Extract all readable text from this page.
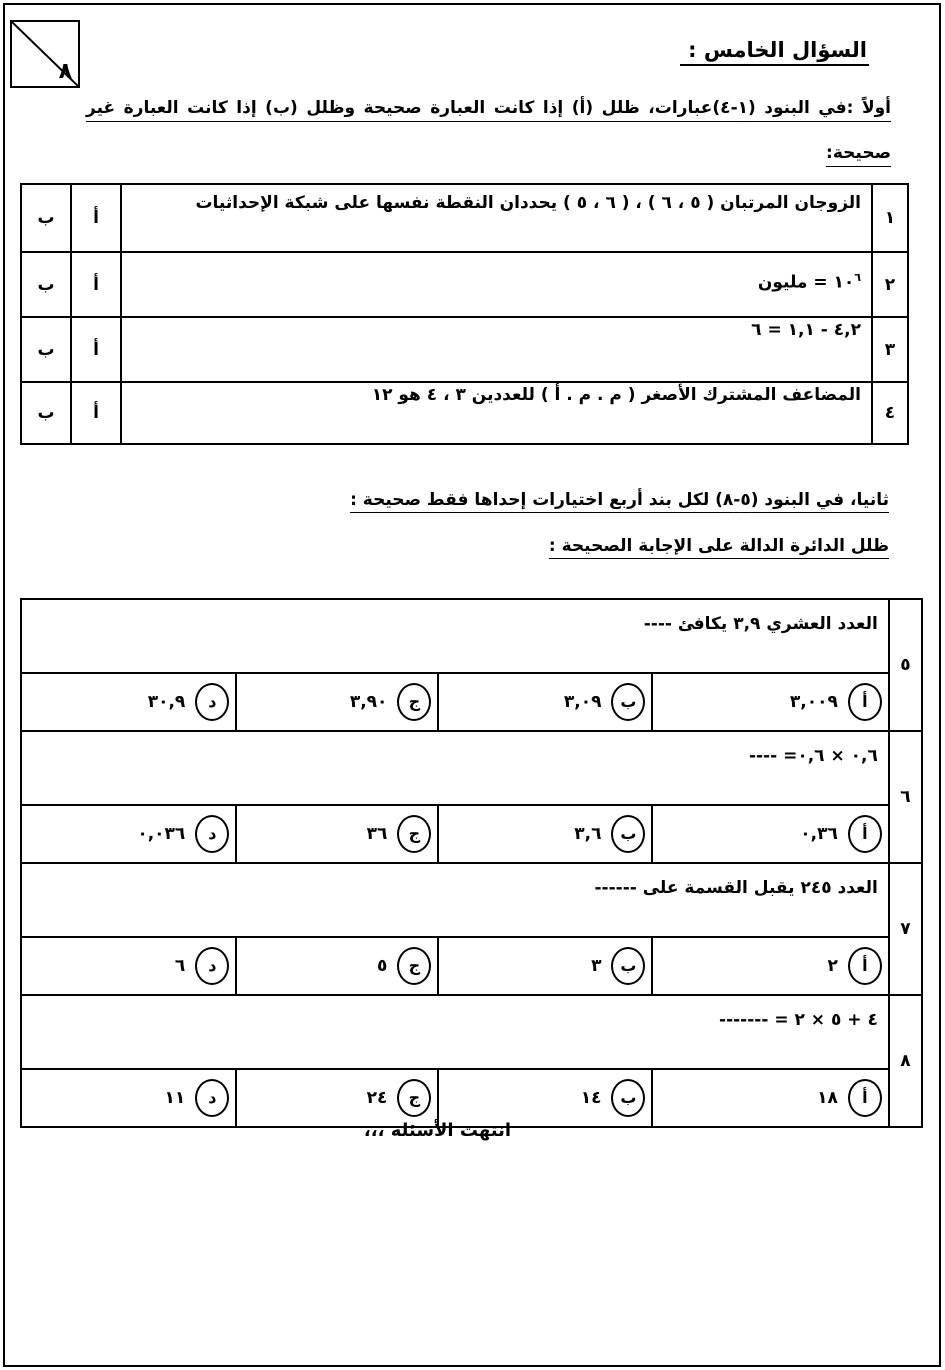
٨
السؤال الخامس :
أولاً :في البنود (١-٤)عبارات، ظلل (أ) إذا كانت العبارة صحيحة وظلل (ب) إذا كانت العبارة غير صحيحة:
١	الزوجان المرتبان ( ٥ ، ٦ ) ، ( ٦ ، ٥ ) يحددان النقطة نفسها على شبكة الإحداثيات	أ	ب
٢	$١٠^٦$ = مليون	أ	ب
٣	٤,٢ - ١,١ = ٦	أ	ب
٤	المضاعف المشترك الأصغر ( م . م . أ ) للعددين ٣ ، ٤ هو ١٢	أ	ب
ثانيا، في البنود (٥-٨) لكل بند أربع اختيارات إحداها فقط صحيحة :
ظلل الدائرة الدالة على الإجابة الصحيحة :
٥	العدد العشري ٣,٩ يكافئ ----			
	أ٣,٠٠٩	ب٣,٠٩	ج٣,٩٠	د٣٠,٩
٦	٠,٦ × ٠,٦= ----			
	أ٠,٣٦	ب٣,٦	ج٣٦	د٠,٠٣٦
٧	العدد ٢٤٥ يقبل القسمة على ------			
	أ٢	ب٣	ج٥	د٦
٨	٤ + ٥ × ٢ = -------			
	أ١٨	ب١٤	ج٢٤	د١١
انتهت الأسئلة ،،،
